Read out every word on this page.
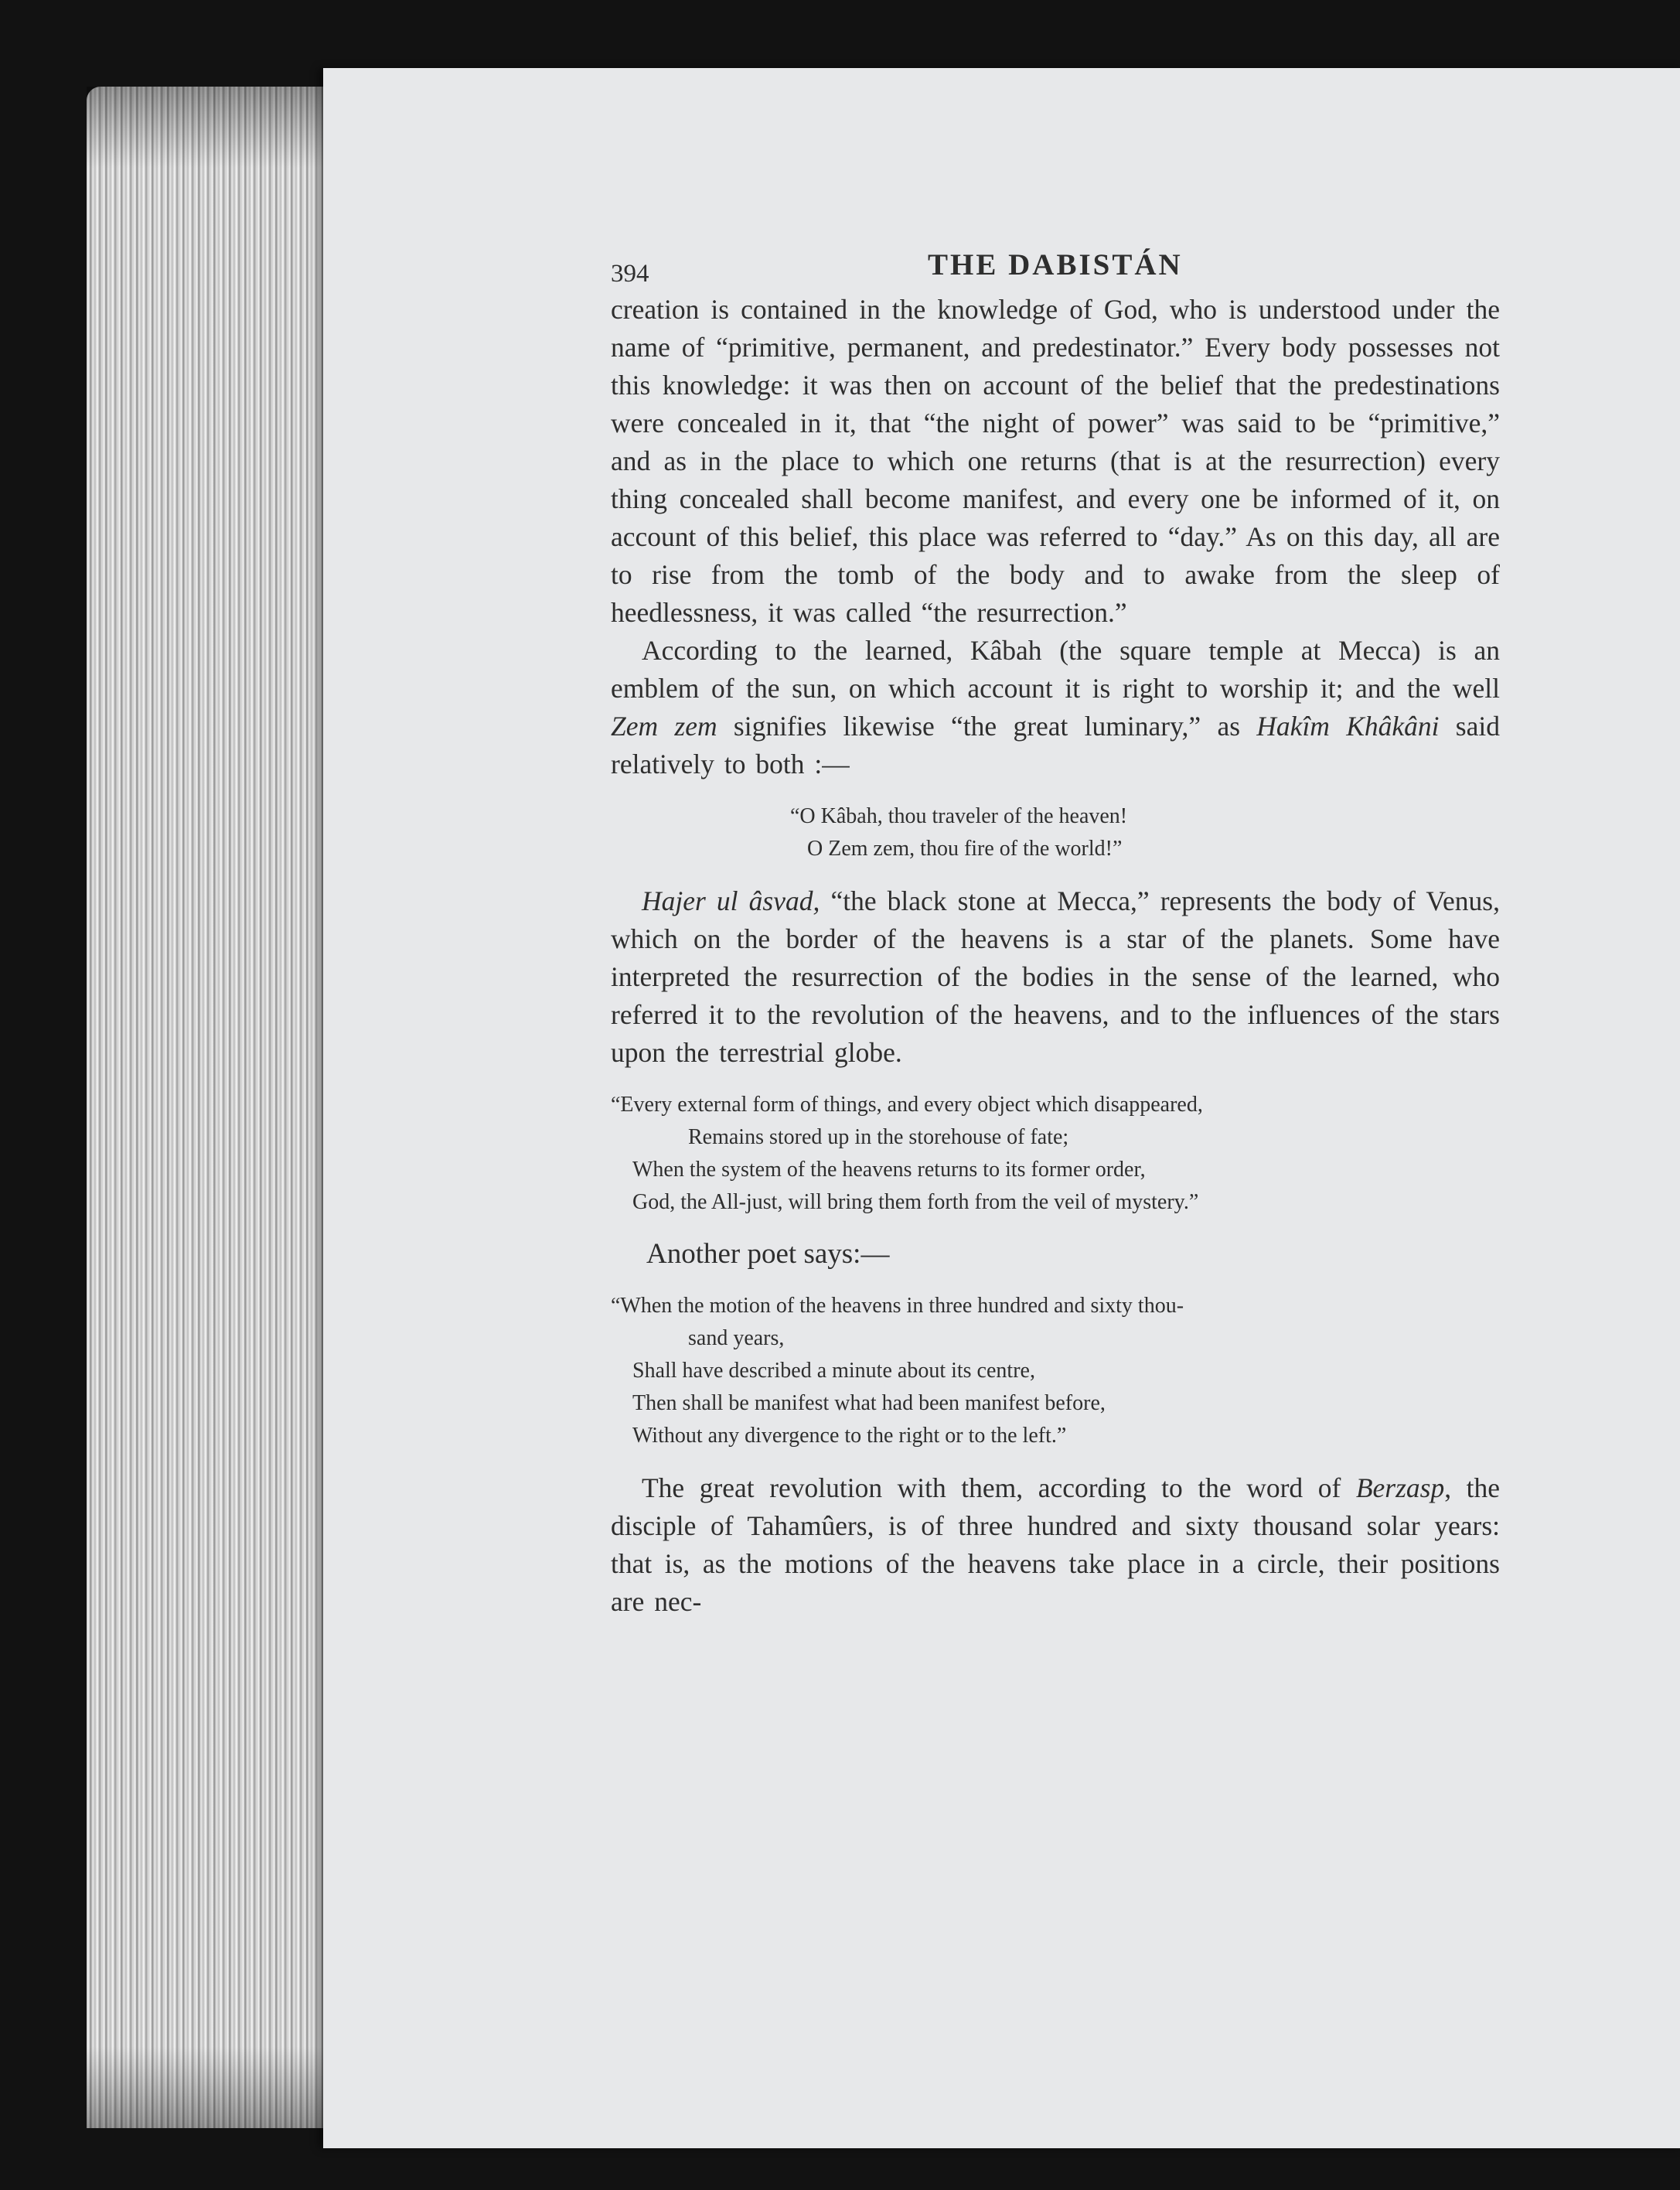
394	THE DABISTÁN

creation is contained in the knowledge of God, who is understood under the name of “primitive, permanent, and predestinator.” Every body possesses not this knowledge: it was then on account of the belief that the predestinations were concealed in it, that “the night of power” was said to be “primitive,” and as in the place to which one returns (that is at the resurrection) every thing concealed shall become manifest, and every one be informed of it, on account of this belief, this place was referred to “day.” As on this day, all are to rise from the tomb of the body and to awake from the sleep of heedlessness, it was called “the resurrection.”

According to the learned, Kâbah (the square temple at Mecca) is an emblem of the sun, on which account it is right to worship it; and the well Zem zem signifies likewise “the great luminary,” as Hakîm Khâkâni said relatively to both :—

“O Kâbah, thou traveler of the heaven!
O Zem zem, thou fire of the world!”

Hajer ul âsvad, “the black stone at Mecca,” represents the body of Venus, which on the border of the heavens is a star of the planets. Some have interpreted the resurrection of the bodies in the sense of the learned, who referred it to the revolution of the heavens, and to the influences of the stars upon the terrestrial globe.

“Every external form of things, and every object which disappeared,
Remains stored up in the storehouse of fate;
When the system of the heavens returns to its former order,
God, the All-just, will bring them forth from the veil of mystery.”

Another poet says:—

“When the motion of the heavens in three hundred and sixty thou-
sand years,
Shall have described a minute about its centre,
Then shall be manifest what had been manifest before,
Without any divergence to the right or to the left.”

The great revolution with them, according to the word of Berzasp, the disciple of Tahamûers, is of three hundred and sixty thousand solar years: that is, as the motions of the heavens take place in a circle, their positions are nec-
